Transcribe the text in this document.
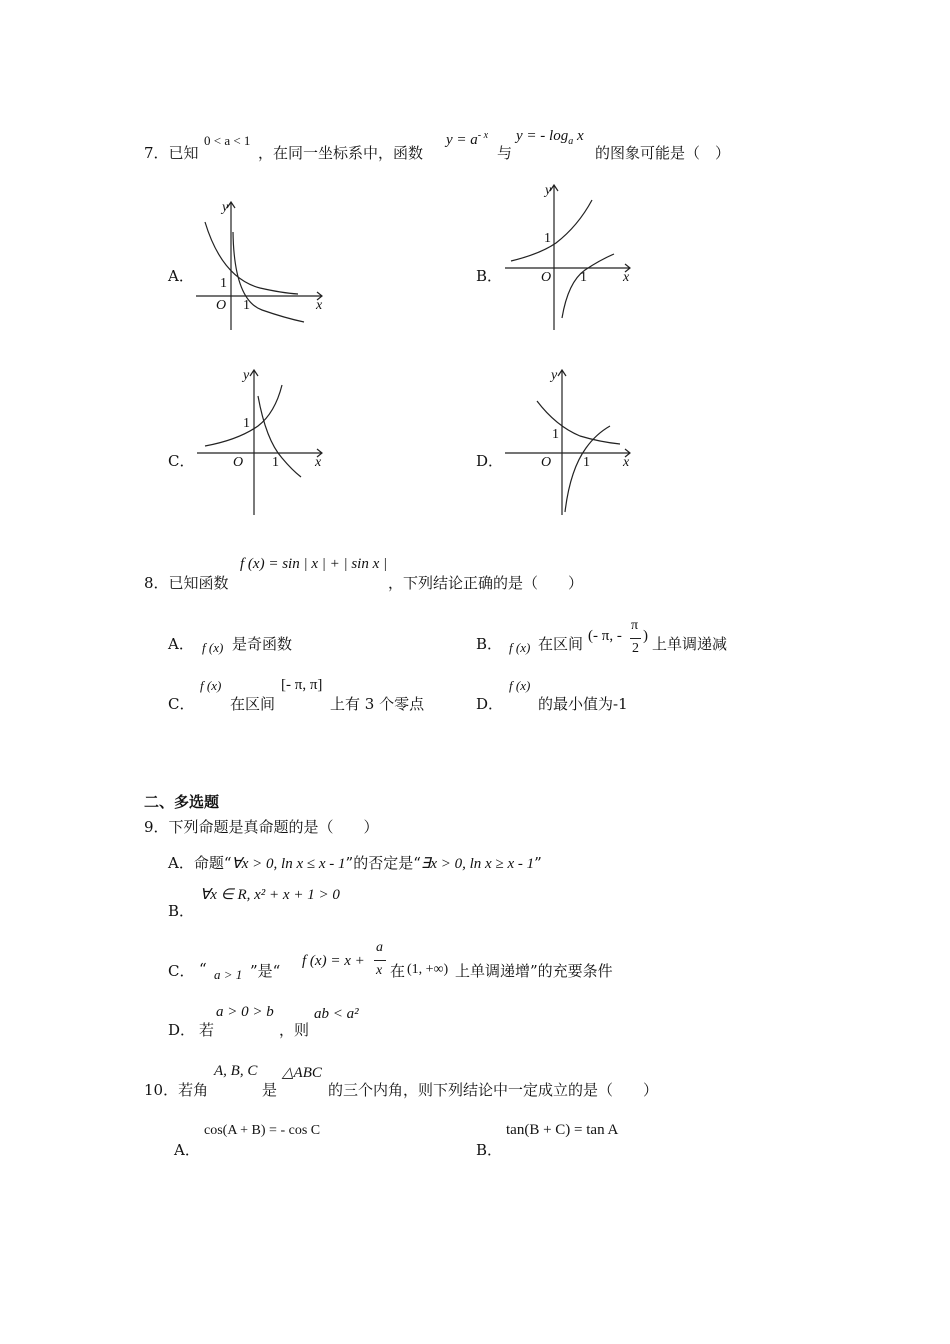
7．已知
0 < a < 1
，在同一坐标系中，函数
$y = a^{- x}$
与
y = - $\log_a x$
的图象可能是（　）
A．	B．
C．	D．
y
x
O 1
1
y
x
O 1
1
y
x
O 1
1
y
x
O 1
1
8．已知函数
f (x) = sin | x | + | sin x |
，下列结论正确的是（　　）
A． f (x) 是奇函数	B． f (x) 在区间 (- π, -
π
2
) 上单调递减
C．
f (x)
在区间
[- π, π]
上有 3 个零点	D．
f (x)
的最小值为-1
二、多选题
9．下列命题是真命题的是（　　）
A．命题“∀x > 0, ln x ≤ x - 1”的否定是“∃x > 0, ln x ≥ x - 1”
B．
∀x ∈ R, x² + x + 1 > 0
C． “ a > 1 ”是“
f (x) = x +
a
x 在 (1, +∞) 上单调递增”的充要条件
D． 若
a > 0 > b
，则
ab < a²
10．若角
A, B, C
是
△ABC
的三个内角，则下列结论中一定成立的是（　　）
A．
cos(A + B) = - cos C
B．
tan(B + C) = tan A
